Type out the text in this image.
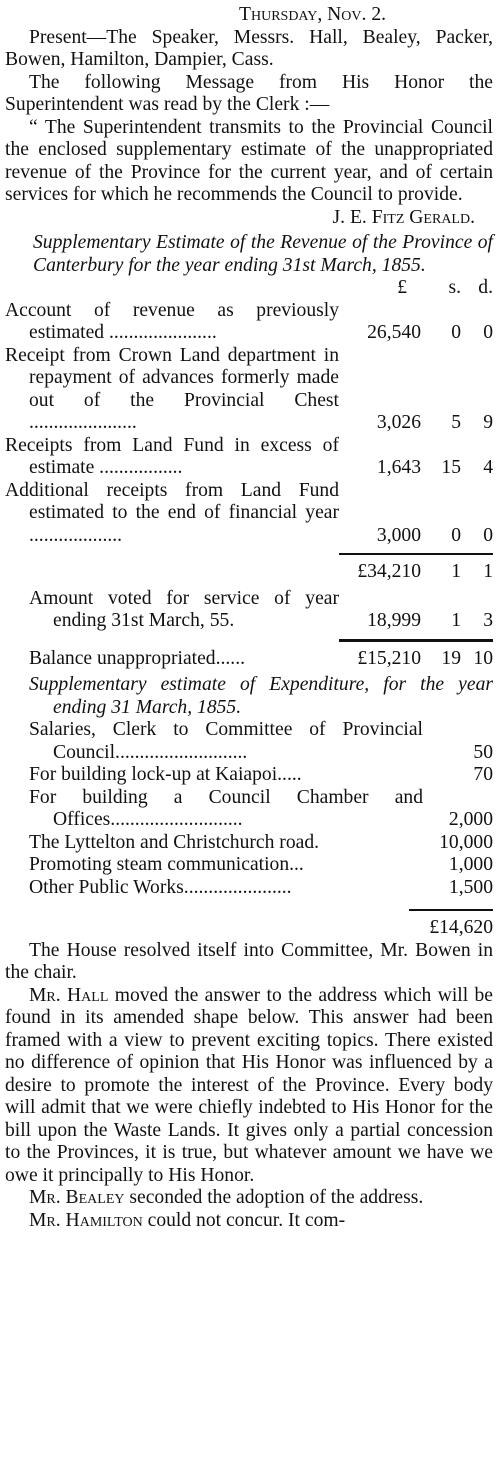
Thursday, Nov. 2.
Present—The Speaker, Messrs. Hall, Bealey, Packer, Bowen, Hamilton, Dampier, Cass.
The following Message from His Honor the Superintendent was read by the Clerk :—
“ The Superintendent transmits to the Provincial Council the enclosed supplementary estimate of the unappropriated revenue of the Province for the current year, and of certain services for which he recommends the Council to provide.
J. E. Fitz Gerald.
Supplementary Estimate of the Revenue of the Province of Canterbury for the year ending 31st March, 1855.
£	s. d.
Account of revenue as previously estimated ......................	26,540	0	0
Receipt from Crown Land department in repayment of advances formerly made out of the Provincial Chest ......................	3,026	5	9
Receipts from Land Fund in excess of estimate .................	1,643	15	4
Additional receipts from Land Fund estimated to the end of financial year ...................	3,000	0	0
£34,210	1	1
Amount voted for service of year ending 31st March, 55.	18,999	1	3
Balance unappropriated......	£15,210	19 10
Supplementary estimate of Expenditure, for the year ending 31 March, 1855.
Salaries, Clerk to Committee of Provincial Council...........................	50
For building lock-up at Kaiapoi.....	70
For building a Council Chamber and Offices...........................	2,000
The Lyttelton and Christchurch road.	10,000
Promoting steam communication...	1,000
Other Public Works......................	1,500
£14,620
The House resolved itself into Committee, Mr. Bowen in the chair.
Mr. Hall moved the answer to the address which will be found in its amended shape below. This answer had been framed with a view to prevent exciting topics. There existed no difference of opinion that His Honor was influenced by a desire to promote the interest of the Province. Every body will admit that we were chiefly indebted to His Honor for the bill upon the Waste Lands. It gives only a partial concession to the Provinces, it is true, but whatever amount we have we owe it principally to His Honor.
Mr. Bealey seconded the adoption of the address.
Mr. Hamilton could not concur. It com-
